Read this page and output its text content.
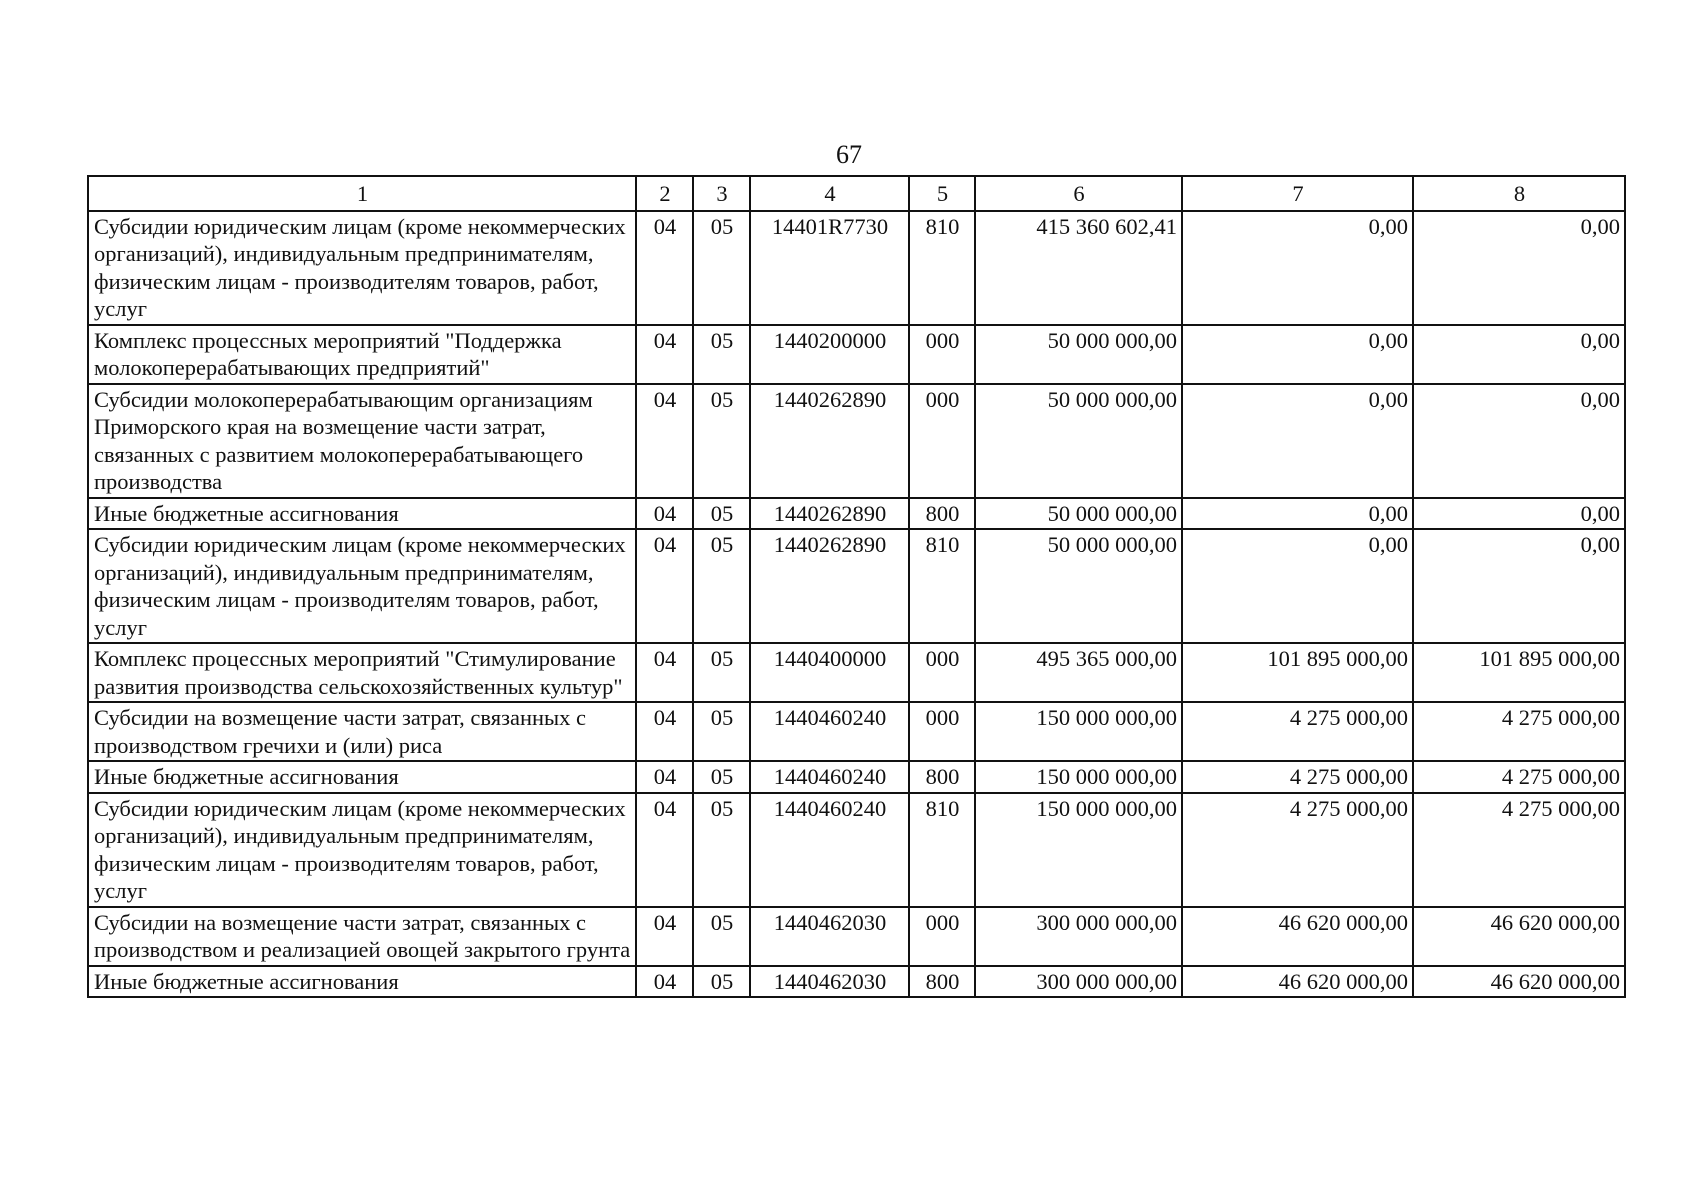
67
1	2	3	4	5	6	7	8
Субсидии юридическим лицам (кроме некоммерческих организаций), индивидуальным предпринимателям, физическим лицам - производителям товаров, работ, услуг	04	05	14401R7730	810	415 360 602,41	0,00	0,00
Комплекс процессных мероприятий "Поддержка молокоперерабатывающих предприятий"	04	05	1440200000	000	50 000 000,00	0,00	0,00
Субсидии молокоперерабатывающим организациям Приморского края на возмещение части затрат, связанных с развитием молокоперерабатывающего производства	04	05	1440262890	000	50 000 000,00	0,00	0,00
Иные бюджетные ассигнования	04	05	1440262890	800	50 000 000,00	0,00	0,00
Субсидии юридическим лицам (кроме некоммерческих организаций), индивидуальным предпринимателям, физическим лицам - производителям товаров, работ, услуг	04	05	1440262890	810	50 000 000,00	0,00	0,00
Комплекс процессных мероприятий "Стимулирование развития производства сельскохозяйственных культур"	04	05	1440400000	000	495 365 000,00	101 895 000,00	101 895 000,00
Субсидии на возмещение части затрат, связанных с производством гречихи и (или) риса	04	05	1440460240	000	150 000 000,00	4 275 000,00	4 275 000,00
Иные бюджетные ассигнования	04	05	1440460240	800	150 000 000,00	4 275 000,00	4 275 000,00
Субсидии юридическим лицам (кроме некоммерческих организаций), индивидуальным предпринимателям, физическим лицам - производителям товаров, работ, услуг	04	05	1440460240	810	150 000 000,00	4 275 000,00	4 275 000,00
Субсидии на возмещение части затрат, связанных с производством и реализацией овощей закрытого грунта	04	05	1440462030	000	300 000 000,00	46 620 000,00	46 620 000,00
Иные бюджетные ассигнования	04	05	1440462030	800	300 000 000,00	46 620 000,00	46 620 000,00
